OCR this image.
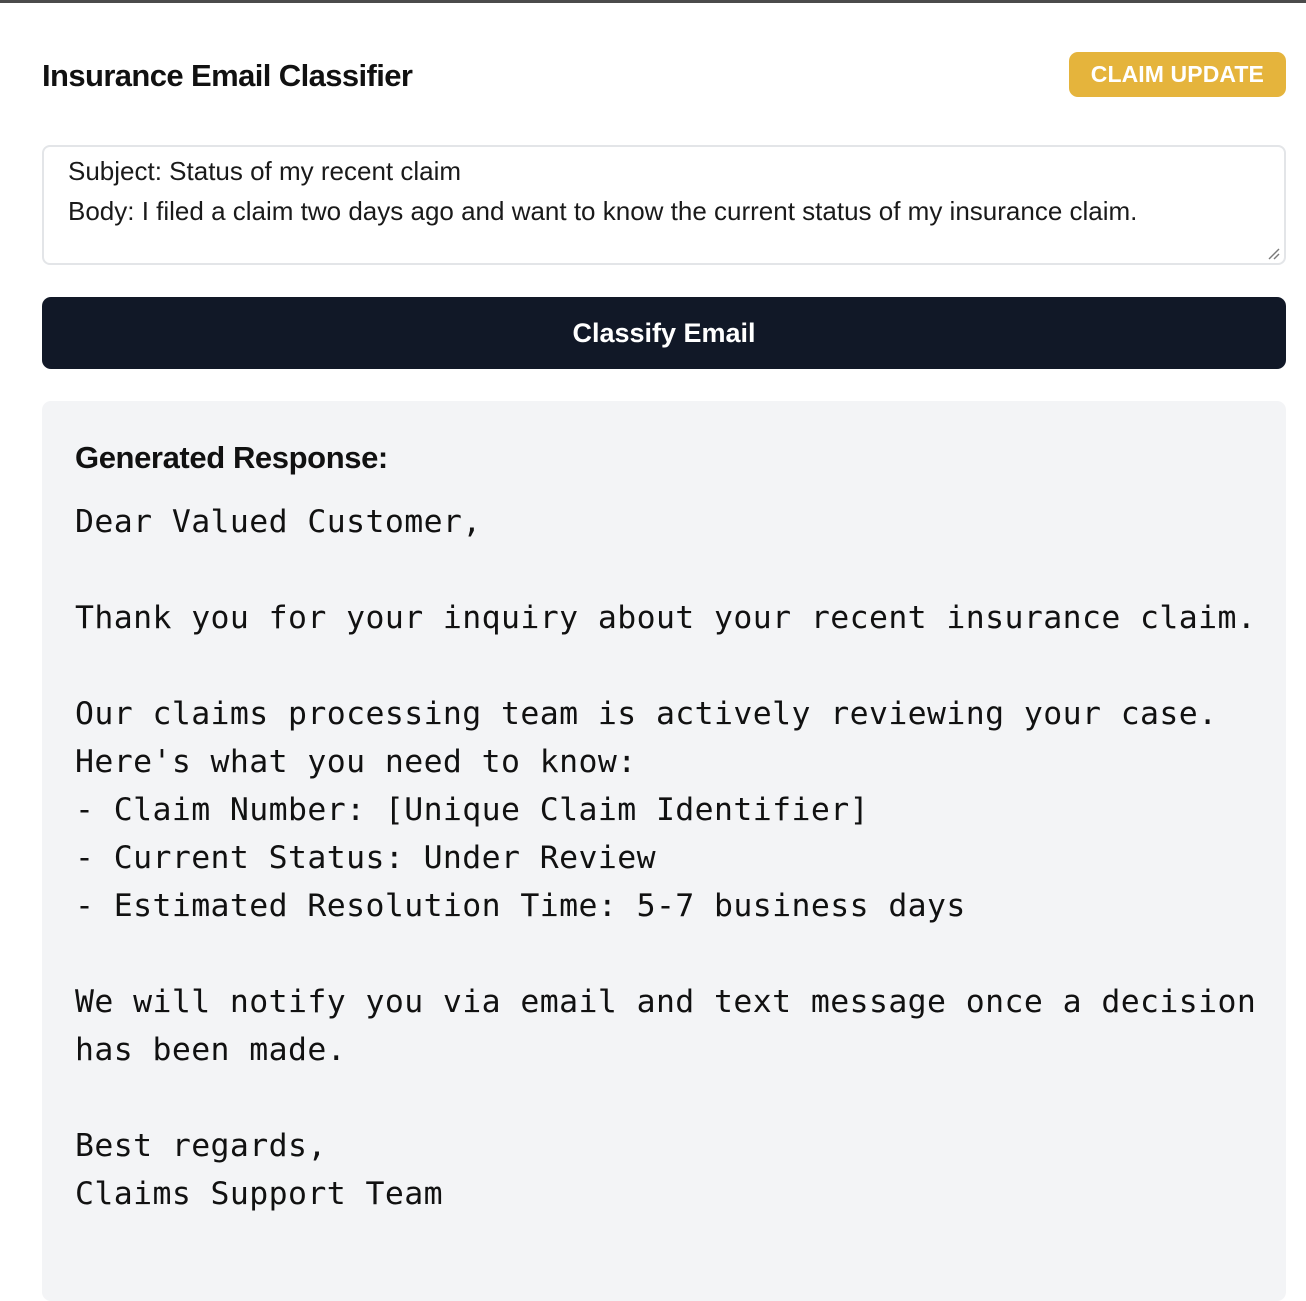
Insurance Email Classifier	CLAIM UPDATE
Subject: Status of my recent claim
Body: I filed a claim two days ago and want to know the current status of my insurance claim.
Classify Email
Generated Response:
Dear Valued Customer,

Thank you for your inquiry about your recent insurance claim.

Our claims processing team is actively reviewing your case.
Here's what you need to know:
- Claim Number: [Unique Claim Identifier]
- Current Status: Under Review
- Estimated Resolution Time: 5-7 business days

We will notify you via email and text message once a decision has been made.

Best regards,
Claims Support Team
